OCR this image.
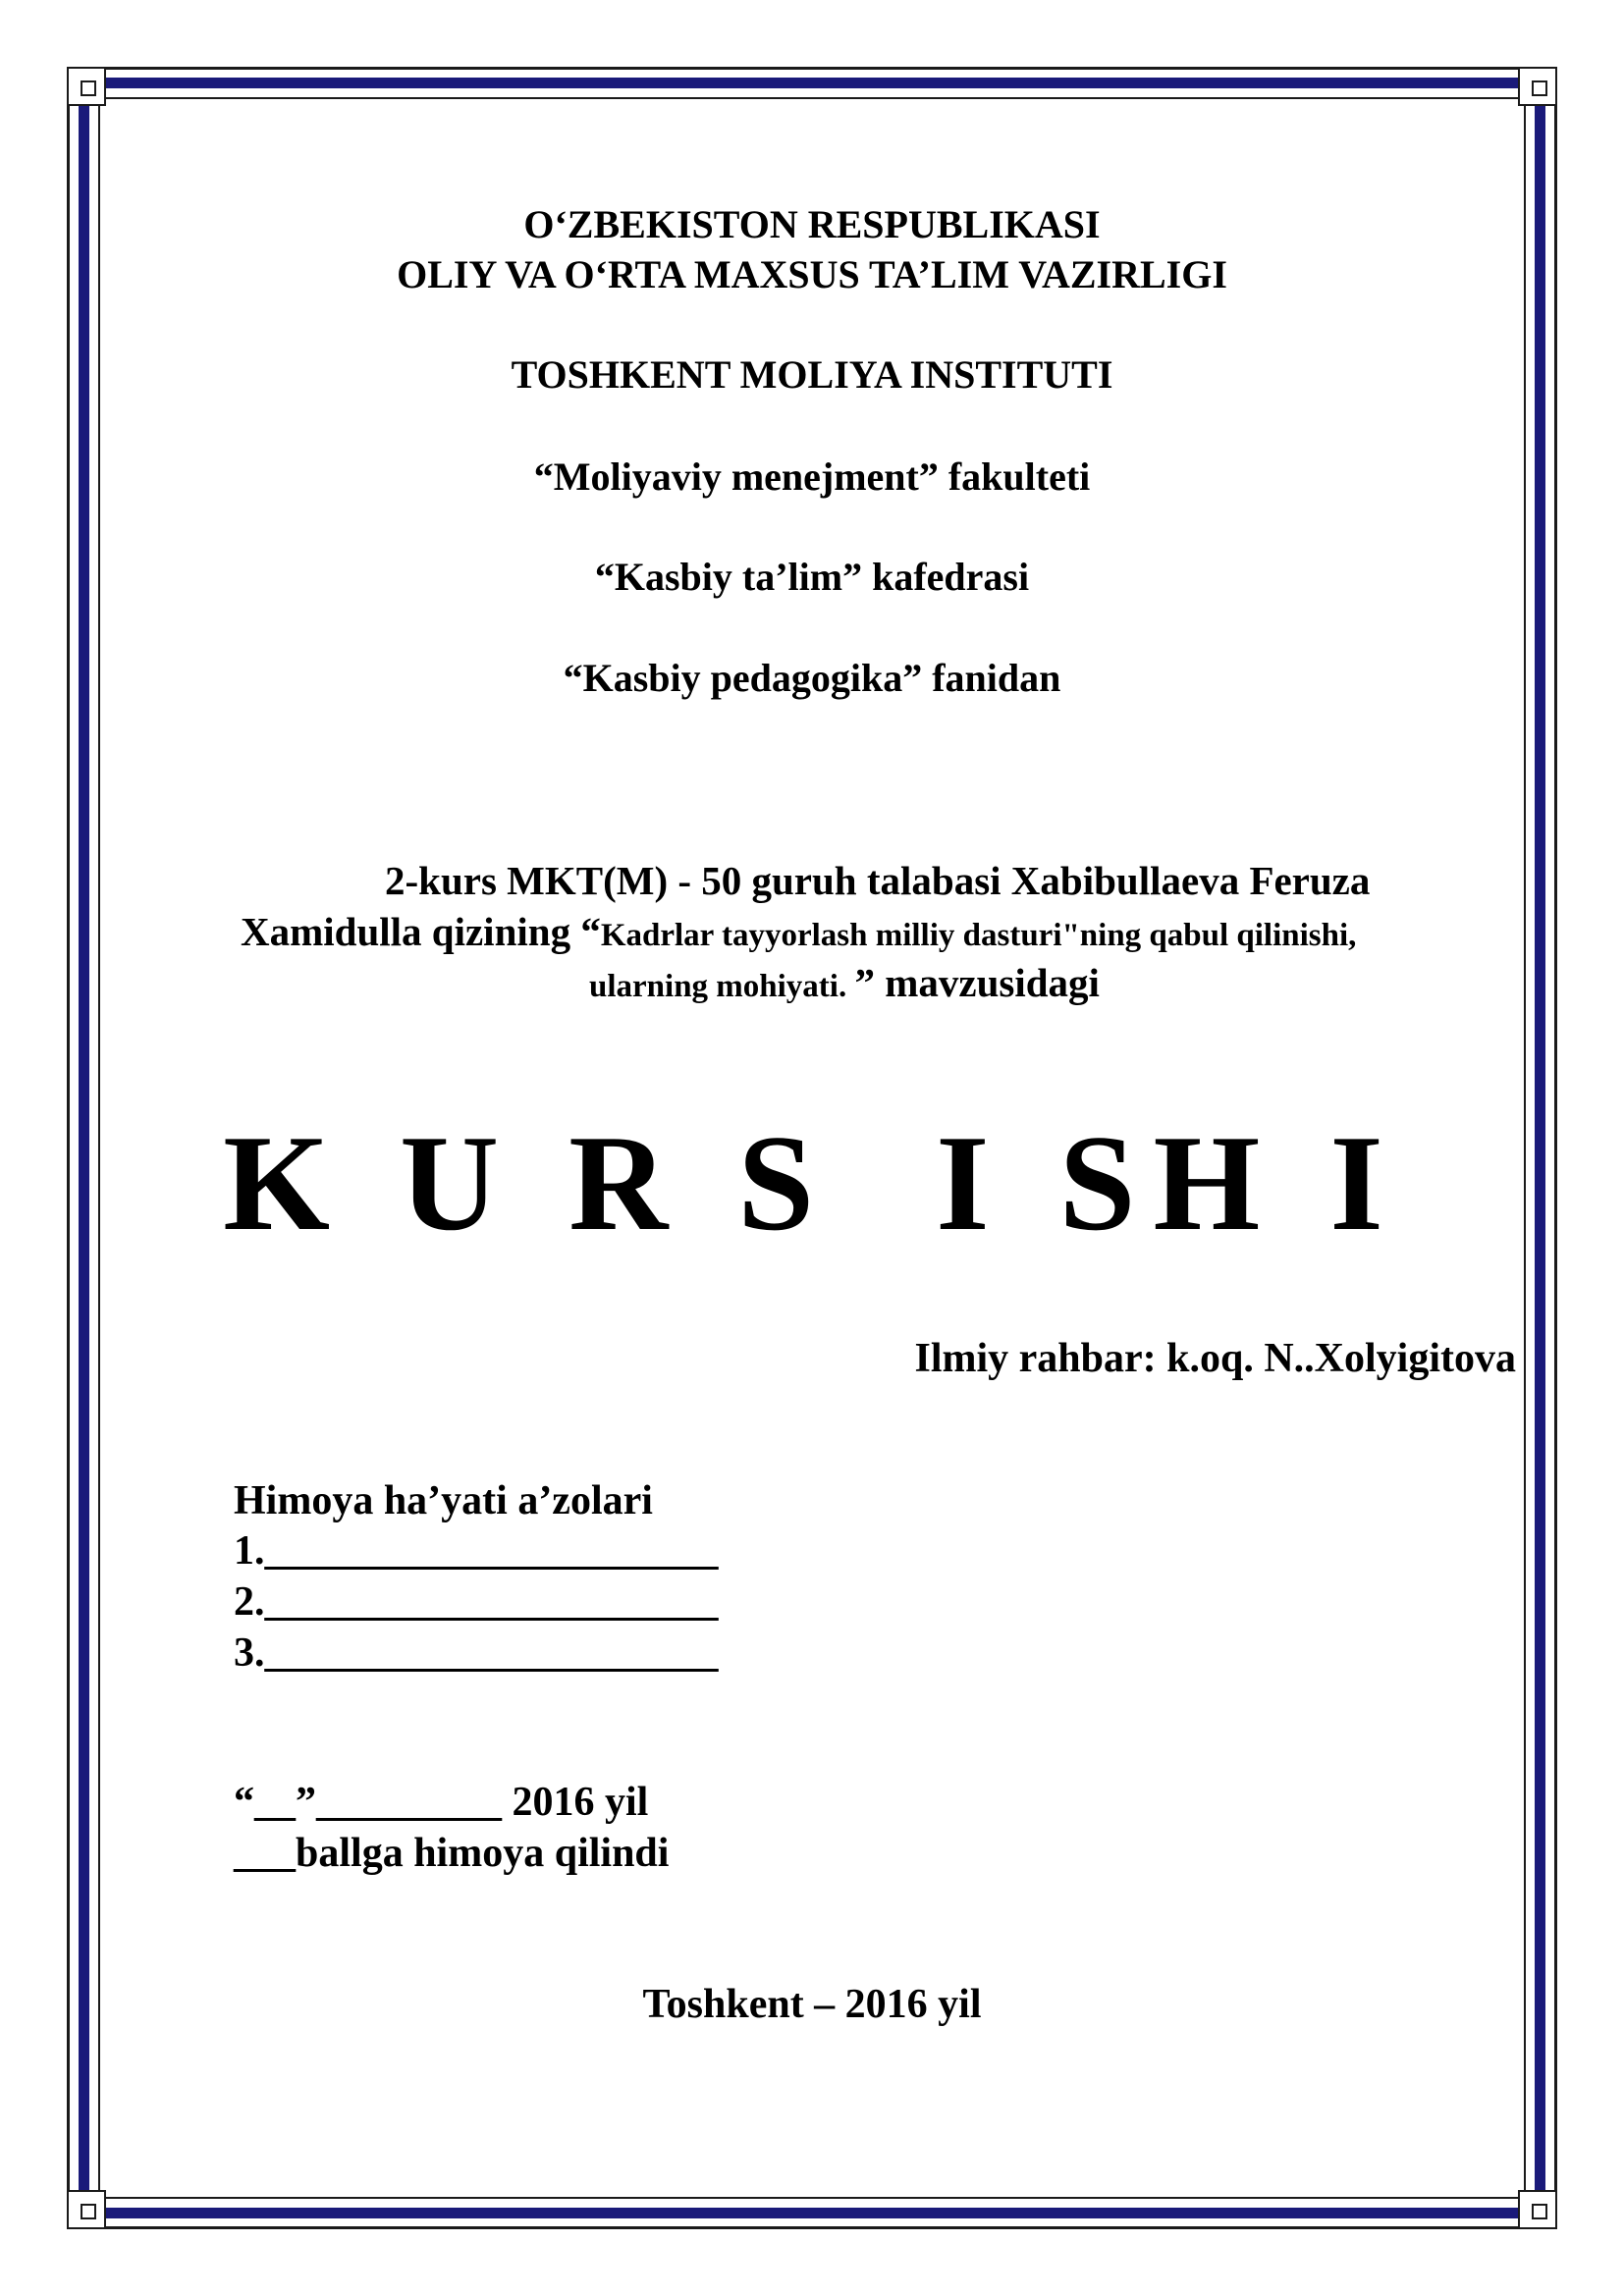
O‘ZBEKISTON RESPUBLIKASI
OLIY VA O‘RTA MAXSUS TA’LIM VAZIRLIGI
TOSHKENT MOLIYA INSTITUTI
“Moliyaviy menejment” fakulteti
“Kasbiy ta’lim” kafedrasi
“Kasbiy pedagogika” fanidan
2-kurs MKT(M) - 50 guruh talabasi Xabibullaeva Feruza
Xamidulla qizining “Kadrlar tayyorlash milliy dasturi"ning qabul qilinishi,
ularning mohiyati. ” mavzusidagi
K U R S  I SH I
Ilmiy rahbar: k.oq. N..Xolyigitova
Himoya ha’yati a’zolari
1.______________________
2.______________________
3.______________________
“__”_________ 2016 yil
___ballga himoya qilindi
Toshkent – 2016 yil
